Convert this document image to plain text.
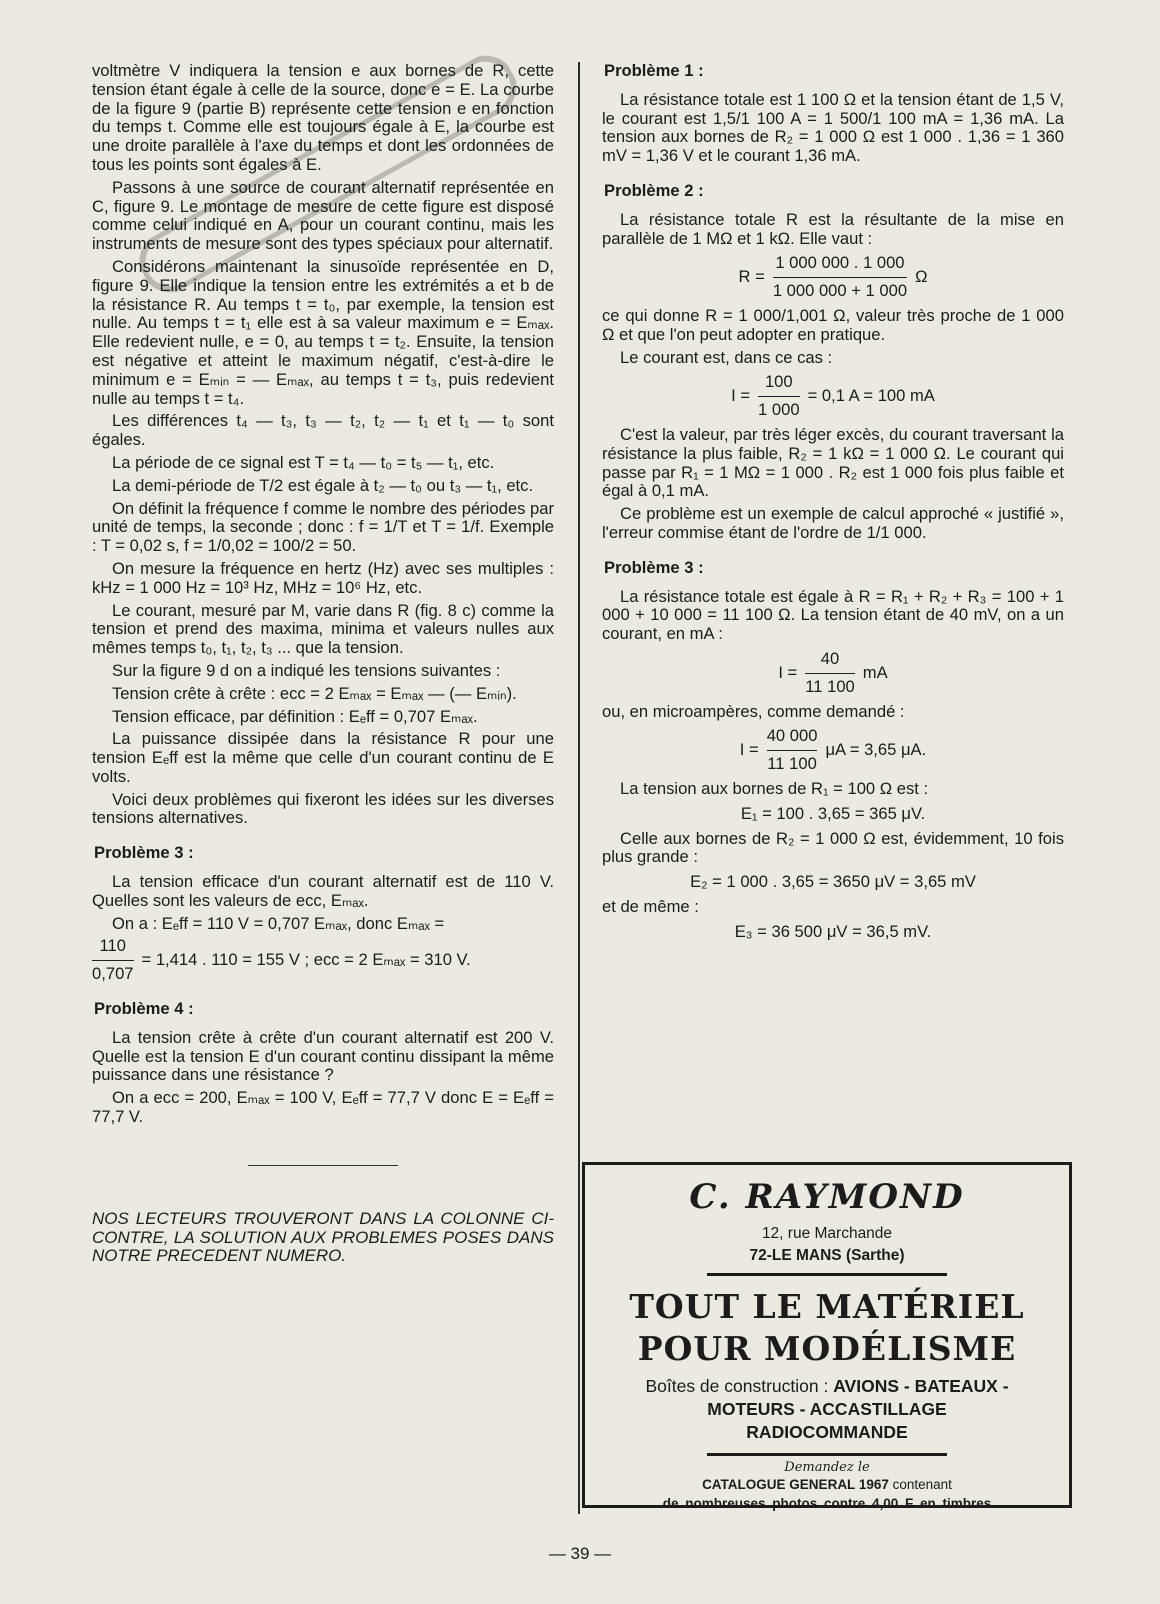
voltmètre V indiquera la tension e aux bornes de R, cette tension étant égale à celle de la source, donc e = E. La courbe de la figure 9 (partie B) représente cette tension e en fonction du temps t. Comme elle est toujours égale à E, la courbe est une droite parallèle à l'axe du temps et dont les ordonnées de tous les points sont égales à E.

Passons à une source de courant alternatif représentée en C, figure 9. Le montage de mesure de cette figure est disposé comme celui indiqué en A, pour un courant continu, mais les instruments de mesure sont des types spéciaux pour alternatif.

Considérons maintenant la sinusoïde représentée en D, figure 9. Elle indique la tension entre les extrémités a et b de la résistance R. Au temps t = t₀, par exemple, la tension est nulle. Au temps t = t₁ elle est à sa valeur maximum e = Eₘₐₓ. Elle redevient nulle, e = 0, au temps t = t₂. Ensuite, la tension est négative et atteint le maximum négatif, c'est-à-dire le minimum e = Eₘᵢₙ = — Eₘₐₓ, au temps t = t₃, puis redevient nulle au temps t = t₄.

Les différences t₄ — t₃, t₃ — t₂, t₂ — t₁ et t₁ — t₀ sont égales.

La période de ce signal est T = t₄ — t₀ = t₅ — t₁, etc.

La demi-période de T/2 est égale à t₂ — t₀ ou t₃ — t₁, etc.

On définit la fréquence f comme le nombre des périodes par unité de temps, la seconde ; donc : f = 1/T et T = 1/f. Exemple : T = 0,02 s, f = 1/0,02 = 100/2 = 50.

On mesure la fréquence en hertz (Hz) avec ses multiples : kHz = 1 000 Hz = 10³ Hz, MHz = 10⁶ Hz, etc.

Le courant, mesuré par M, varie dans R (fig. 8 c) comme la tension et prend des maxima, minima et valeurs nulles aux mêmes temps t₀, t₁, t₂, t₃ ... que la tension.

Sur la figure 9 d on a indiqué les tensions suivantes :

Tension crête à crête : eᴄᴄ = 2 Eₘₐₓ = Eₘₐₓ — (— Eₘᵢₙ).

Tension efficace, par définition : Eₑff = 0,707 Eₘₐₓ.

La puissance dissipée dans la résistance R pour une tension Eₑff est la même que celle d'un courant continu de E volts.

Voici deux problèmes qui fixeront les idées sur les diverses tensions alternatives.

Problème 3 :

La tension efficace d'un courant alternatif est de 110 V. Quelles sont les valeurs de eᴄᴄ, Eₘₐₓ.

On a : Eₑff = 110 V = 0,707 Eₘₐₓ, donc Eₘₐₓ =

110
0,707
= 1,414 . 110 = 155 V ; eᴄᴄ = 2 Eₘₐₓ = 310 V.
Problème 4 :

La tension crête à crête d'un courant alternatif est 200 V. Quelle est la tension E d'un courant continu dissipant la même puissance dans une résistance ?

On a eᴄᴄ = 200, Eₘₐₓ = 100 V, Eₑff = 77,7 V donc E = Eₑff = 77,7 V.

NOS LECTEURS TROUVERONT DANS LA COLONNE CI-CONTRE, LA SOLUTION AUX PROBLEMES POSES DANS NOTRE PRECEDENT NUMERO.

Problème 1 :

La résistance totale est 1 100 Ω et la tension étant de 1,5 V, le courant est 1,5/1 100 A = 1 500/1 100 mA = 1,36 mA. La tension aux bornes de R₂ = 1 000 Ω est 1 000 . 1,36 = 1 360 mV = 1,36 V et le courant 1,36 mA.

Problème 2 :

La résistance totale R est la résultante de la mise en parallèle de 1 MΩ et 1 kΩ. Elle vaut :

R =
1 000 000 . 1 000
1 000 000 + 1 000
Ω

ce qui donne R = 1 000/1,001 Ω, valeur très proche de 1 000 Ω et que l'on peut adopter en pratique.

Le courant est, dans ce cas :

I =
100
1 000
= 0,1 A = 100 mA

C'est la valeur, par très léger excès, du courant traversant la résistance la plus faible, R₂ = 1 kΩ = 1 000 Ω. Le courant qui passe par R₁ = 1 MΩ = 1 000 . R₂ est 1 000 fois plus faible et égal à 0,1 mA.

Ce problème est un exemple de calcul approché « justifié », l'erreur commise étant de l'ordre de 1/1 000.

Problème 3 :

La résistance totale est égale à R = R₁ + R₂ + R₃ = 100 + 1 000 + 10 000 = 11 100 Ω. La tension étant de 40 mV, on a un courant, en mA :

I =
40
11 100
mA

ou, en microampères, comme demandé :

I =
40 000
11 100
μA = 3,65 μA.

La tension aux bornes de R₁ = 100 Ω est :

E₁ = 100 . 3,65 = 365 μV.

Celle aux bornes de R₂ = 1 000 Ω est, évidemment, 10 fois plus grande :

E₂ = 1 000 . 3,65 = 3650 μV = 3,65 mV

et de même :

E₃ = 36 500 μV = 36,5 mV.
C. RAYMOND
12, rue Marchande
72-LE MANS (Sarthe)
TOUT LE MATÉRIEL
POUR MODÉLISME
Boîtes de construction : AVIONS - BATEAUX -
MOTEURS - ACCASTILLAGE
RADIOCOMMANDE
Demandez le
CATALOGUE GENERAL 1967 contenant
de nombreuses photos contre 4,00 F en timbres
— 39 —
